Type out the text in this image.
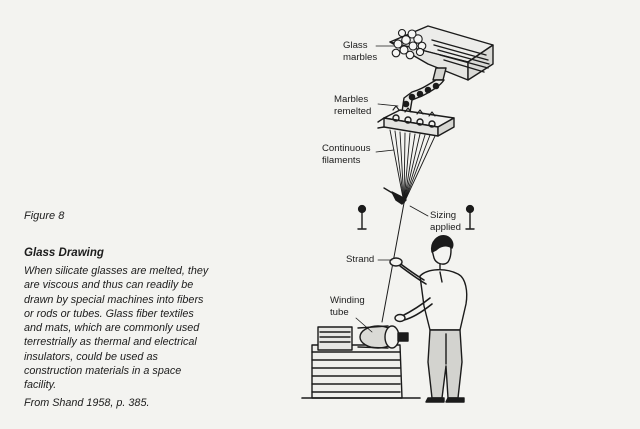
Figure 8
Glass Drawing
When silicate glasses are melted, they
are viscous and thus can readily be
drawn by special machines into fibers
or rods or tubes. Glass fiber textiles
and mats, which are commonly used
terrestrially as thermal and electrical
insulators, could be used as
construction materials in a space
facility.
From Shand 1958, p. 385.
Glass
marbles
Marbles
remelted
Continuous
filaments
Sizing
applied
Strand
Winding
tube
